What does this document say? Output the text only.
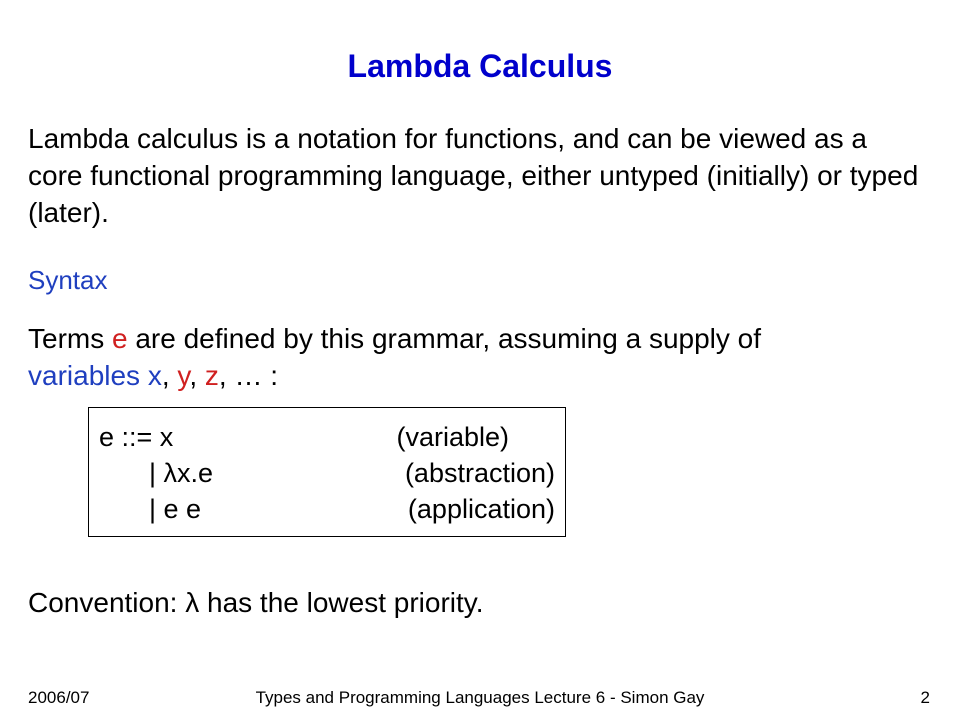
Lambda Calculus
Lambda calculus is a notation for functions, and can be viewed as a core functional programming language, either untyped (initially) or typed (later).
Syntax
Terms e are defined by this grammar, assuming a supply of
variables x, y, z, … :
e ::= x	(variable)
| λx.e	(abstraction)
| e e	(application)
Convention: λ has the lowest priority.
2006/07	Types and Programming Languages Lecture 6 - Simon Gay	2
